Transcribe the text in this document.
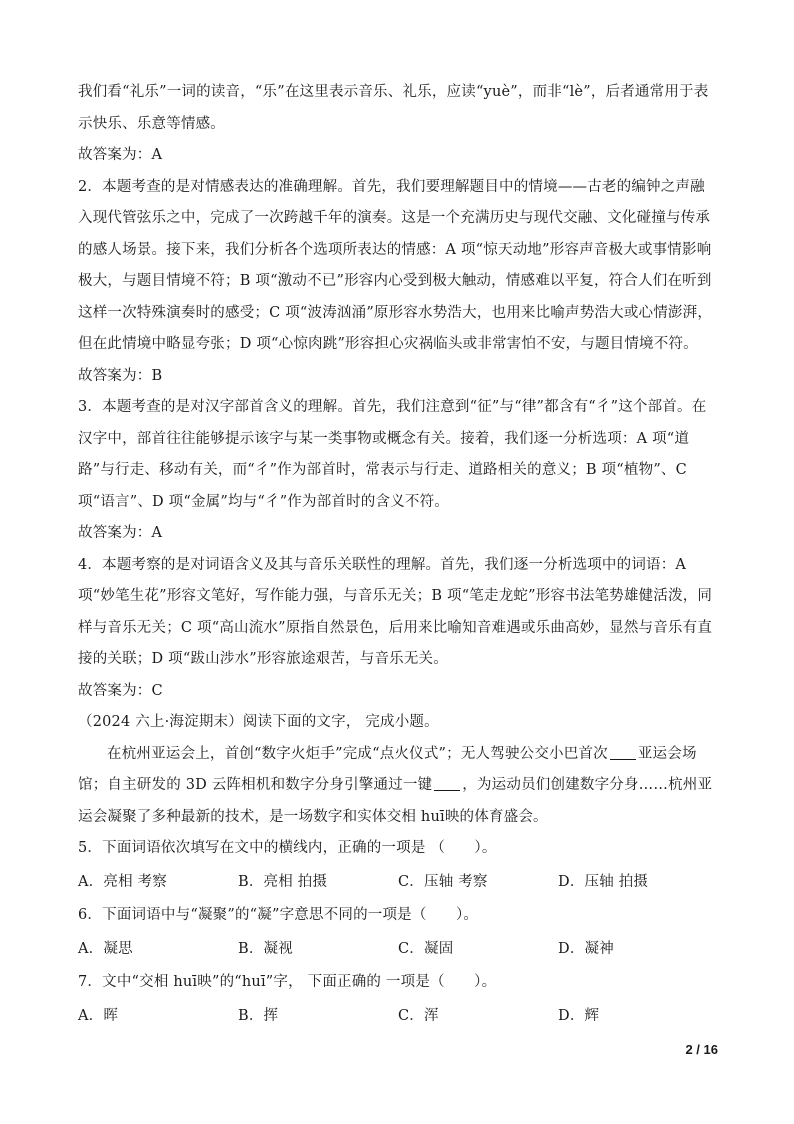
我们看“礼乐”一词的读音，“乐”在这里表示音乐、礼乐，应读“yuè”，而非“lè”，后者通常用于表示快乐、乐意等情感。

故答案为：A

2．本题考查的是对情感表达的准确理解。首先，我们要理解题目中的情境——古老的编钟之声融入现代管弦乐之中，完成了一次跨越千年的演奏。这是一个充满历史与现代交融、文化碰撞与传承的感人场景。接下来，我们分析各个选项所表达的情感：A 项“惊天动地”形容声音极大或事情影响极大，与题目情境不符；B 项“激动不已”形容内心受到极大触动，情感难以平复，符合人们在听到这样一次特殊演奏时的感受；C 项“波涛汹涌”原形容水势浩大，也用来比喻声势浩大或心情澎湃，但在此情境中略显夸张；D 项“心惊肉跳”形容担心灾祸临头或非常害怕不安，与题目情境不符。

故答案为：B

3．本题考查的是对汉字部首含义的理解。首先，我们注意到“征”与“律”都含有“彳”这个部首。在汉字中，部首往往能够提示该字与某一类事物或概念有关。接着，我们逐一分析选项：A 项“道路”与行走、移动有关，而“彳”作为部首时，常表示与行走、道路相关的意义；B 项“植物”、C 项“语言”、D 项“金属”均与“彳”作为部首时的含义不符。

故答案为：A

4．本题考察的是对词语含义及其与音乐关联性的理解。首先，我们逐一分析选项中的词语：A 项“妙笔生花”形容文笔好，写作能力强，与音乐无关；B 项“笔走龙蛇”形容书法笔势雄健活泼，同样与音乐无关；C 项“高山流水”原指自然景色，后用来比喻知音难遇或乐曲高妙，显然与音乐有直接的关联；D 项“跋山涉水”形容旅途艰苦，与音乐无关。

故答案为：C

（2024 六上·海淀期末）阅读下面的文字， 完成小题。

在杭州亚运会上，首创“数字火炬手”完成“点火仪式”；无人驾驶公交小巴首次 亚运会场馆；自主研发的 3D 云阵相机和数字分身引擎通过一键 ，为运动员们创建数字分身……杭州亚运会凝聚了多种最新的技术，是一场数字和实体交相 huī映的体育盛会。

5．下面词语依次填写在文中的横线内，正确的一项是 （　　）。

A．亮相 考察	B．亮相 拍摄	C．压轴 考察	D．压轴 拍摄

6．下面词语中与“凝聚”的“凝”字意思不同的一项是（　　）。

A．凝思	B．凝视	C．凝固	D．凝神

7．文中“交相 huī映”的“huī”字， 下面正确的 一项是（　　）。

A．晖	B．挥	C．浑	D．辉
2 / 16
